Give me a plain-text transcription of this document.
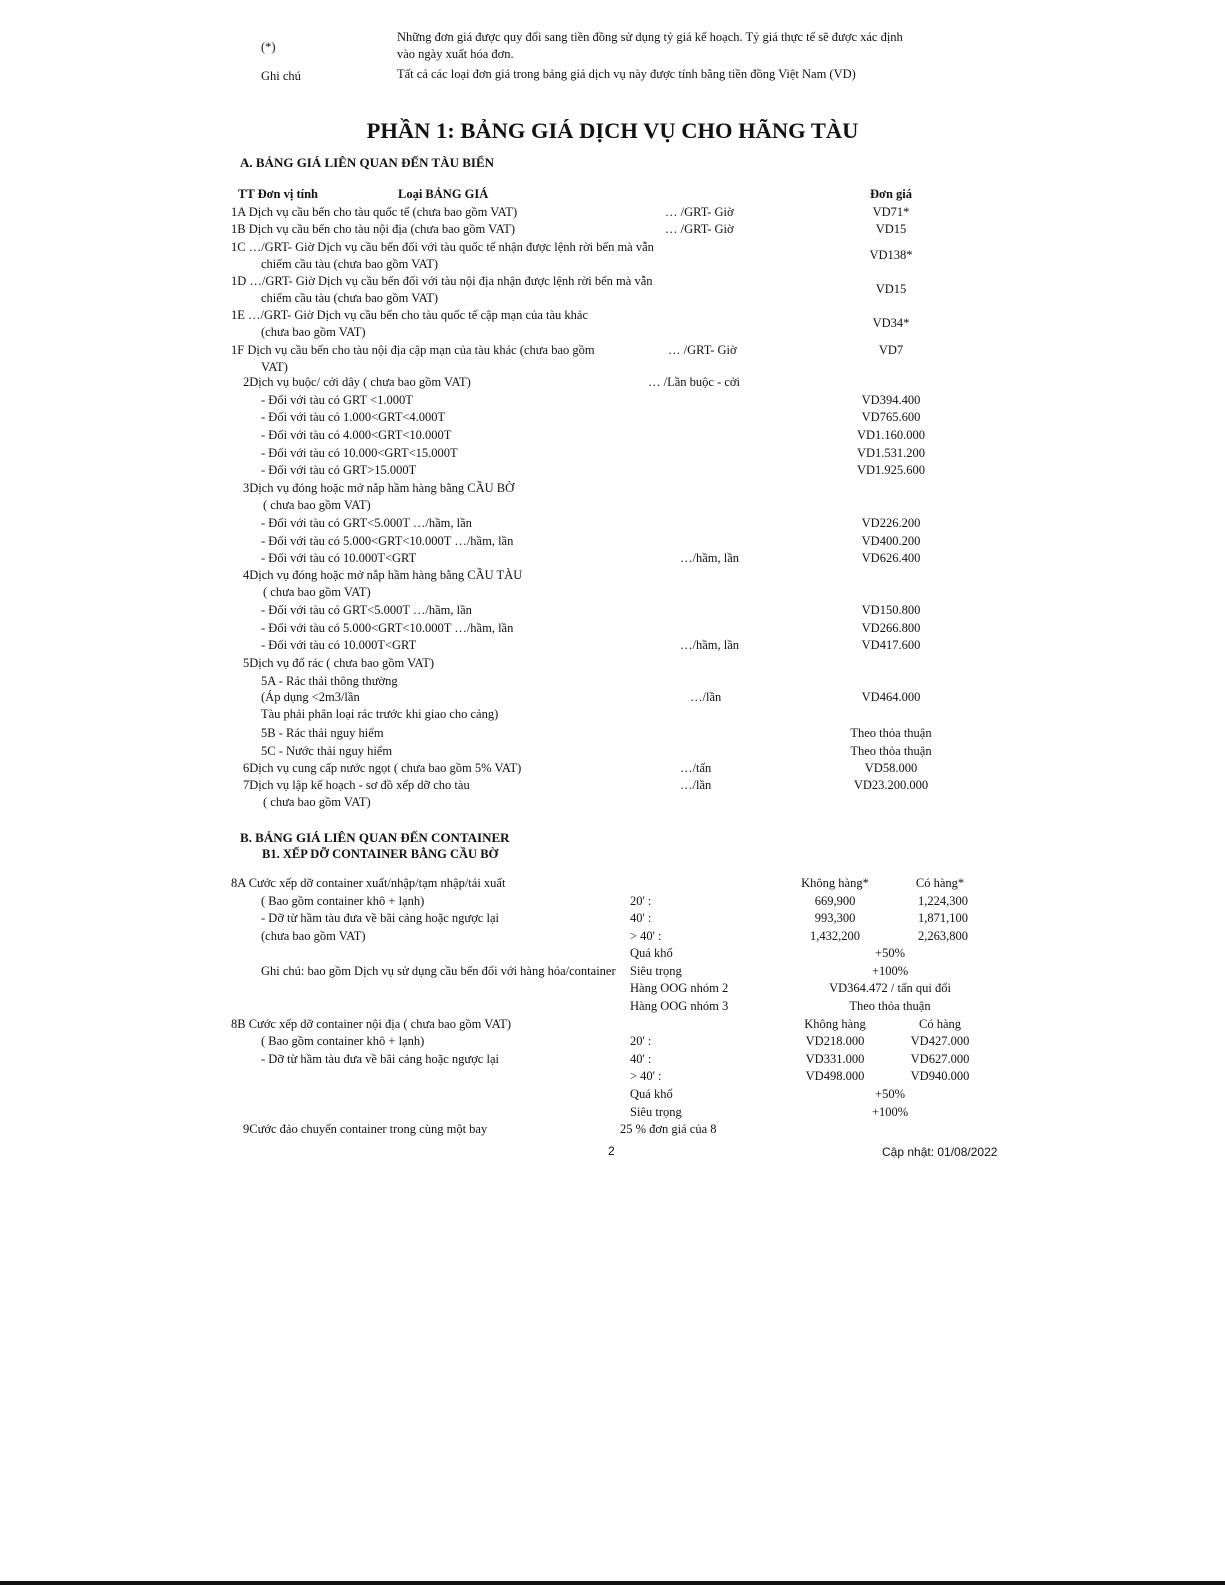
(*)
Những đơn giá được quy đổi sang tiền đồng sử dụng tỷ giá kế hoạch. Tỷ giá thực tế sẽ được xác định
vào ngày xuất hóa đơn.
Ghi chú	Tất cả các loại đơn giá trong bảng giá dịch vụ này được tính bằng tiền đồng Việt Nam (VD)
PHẦN 1: BẢNG GIÁ DỊCH VỤ CHO HÃNG TÀU
A. BẢNG GIÁ LIÊN QUAN ĐẾN TÀU BIỂN
TT Đơn vị tính	Loại BẢNG GIÁ	Đơn giá
1A Dịch vụ cầu bến cho tàu quốc tế (chưa bao gồm VAT)	… /GRT- Giờ	VD71*
1B Dịch vụ cầu bến cho tàu nội địa (chưa bao gồm VAT)	… /GRT- Giờ	VD15
1C …/GRT- Giờ Dịch vụ cầu bến đối với tàu quốc tế nhận được lệnh rời bến mà vẫn
chiếm cầu tàu (chưa bao gồm VAT)
VD138*
1D …/GRT- Giờ Dịch vụ cầu bến đối với tàu nội địa nhận được lệnh rời bến mà vẫn
chiếm cầu tàu (chưa bao gồm VAT)
VD15
1E …/GRT- Giờ Dịch vụ cầu bến cho tàu quốc tế cập mạn của tàu khác
(chưa bao gồm VAT)
VD34*
1F Dịch vụ cầu bến cho tàu nội địa cập mạn của tàu khác (chưa bao gồm
VAT)
… /GRT- Giờ	VD7
2Dịch vụ buộc/ cởi dây ( chưa bao gồm VAT)	… /Lần buộc - cởi
- Đối với tàu có GRT <1.000T	VD394.400
- Đối với tàu có 1.000<GRT<4.000T	VD765.600
- Đối với tàu có 4.000<GRT<10.000T	VD1.160.000
- Đối với tàu có 10.000<GRT<15.000T	VD1.531.200
- Đối với tàu có GRT>15.000T	VD1.925.600
3Dịch vụ đóng hoặc mở nắp hầm hàng bằng CẦU BỜ
( chưa bao gồm VAT)
- Đối với tàu có GRT<5.000T …/hầm, lần	VD226.200
- Đối với tàu có 5.000<GRT<10.000T …/hầm, lần	VD400.200
- Đối với tàu có 10.000T<GRT	…/hầm, lần	VD626.400
4Dịch vụ đóng hoặc mở nắp hầm hàng bằng CẦU TÀU
( chưa bao gồm VAT)
- Đối với tàu có GRT<5.000T …/hầm, lần	VD150.800
- Đối với tàu có 5.000<GRT<10.000T …/hầm, lần	VD266.800
- Đối với tàu có 10.000T<GRT	…/hầm, lần	VD417.600
5Dịch vụ đổ rác ( chưa bao gồm VAT)
5A - Rác thải thông thường
(Áp dụng <2m3/lần	…/lần	VD464.000
Tàu phải phân loại rác trước khi giao cho cảng)
5B - Rác thải nguy hiểm	Theo thỏa thuận
5C - Nước thải nguy hiểm	Theo thỏa thuận
6Dịch vụ cung cấp nước ngọt ( chưa bao gồm 5% VAT)	…/tấn	VD58.000
7Dịch vụ lập kế hoạch - sơ đồ xếp dỡ cho tàu
( chưa bao gồm VAT)
…/lần	VD23.200.000
B. BẢNG GIÁ LIÊN QUAN ĐẾN CONTAINER
B1. XẾP DỠ CONTAINER BẰNG CẦU BỜ
8A Cước xếp dỡ container xuất/nhập/tạm nhập/tái xuất	Không hàng*	Có hàng*
( Bao gồm container khô + lạnh)
- Dỡ từ hầm tàu đưa về bãi cảng hoặc ngược lại
(chưa bao gồm VAT)
Ghi chú: bao gồm Dịch vụ sử dụng cầu bến đối với hàng hóa/container
20' :	669,900	1,224,300
40' :	993,300	1,871,100
> 40' :	1,432,200	2,263,800
Quá khổ	+50%
Siêu trọng	+100%
Hàng OOG nhóm 2	VD364.472 / tấn qui đổi
Hàng OOG nhóm 3	Theo thỏa thuận
8B Cước xếp dỡ container nội địa ( chưa bao gồm VAT)	Không hàng	Có hàng
( Bao gồm container khô + lạnh)
- Dỡ từ hầm tàu đưa về bãi cảng hoặc ngược lại
20' :	VD218.000	VD427.000
40' :	VD331.000	VD627.000
> 40' :	VD498.000	VD940.000
Quá khổ	+50%
Siêu trọng	+100%
9Cước đảo chuyển container trong cùng một bay	25 % đơn giá của 8
2	Cập nhật: 01/08/2022
